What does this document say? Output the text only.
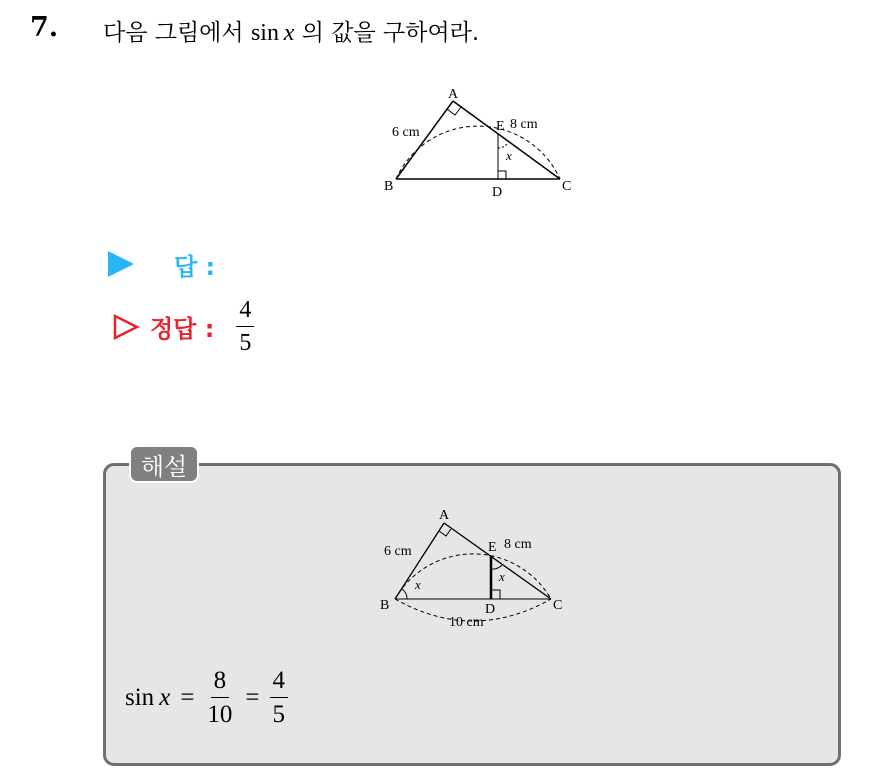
7. 다음 그림에서 sin  x 의 값을 구하여라.
A
B	C
D
E
x
6 cm
8 cm
답 :
정답 : $\frac{4}{5}$
해설
A
B	C
D
E
x
x
6 cm	8 cm
10 cm
sin
  $x = \frac{8}{10} = \frac{4}{5}$
